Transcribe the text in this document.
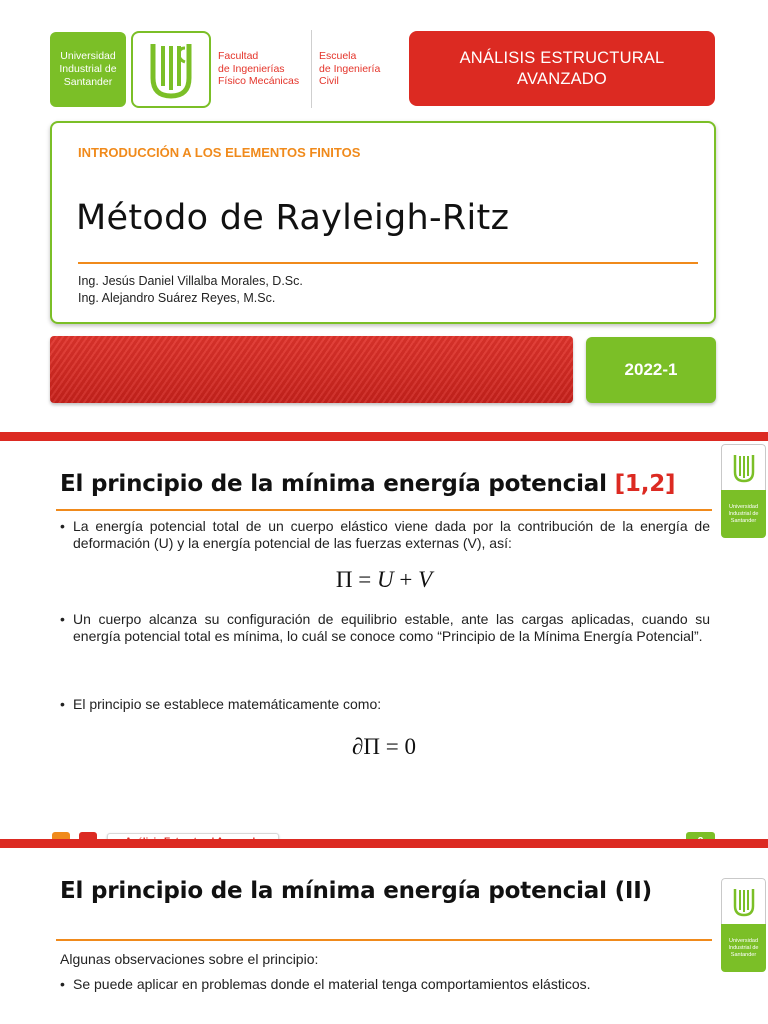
Universidad
Industrial de
Santander
Facultad
de Ingenierías
Físico Mecánicas
Escuela
de Ingeniería
Civil
ANÁLISIS ESTRUCTURAL
AVANZADO
INTRODUCCIÓN A LOS ELEMENTOS FINITOS
Método de Rayleigh-Ritz
Ing. Jesús Daniel Villalba Morales, D.Sc.
Ing. Alejandro Suárez Reyes, M.Sc.
2022-1
El principio de la mínima energía potencial [1,2]
Universidad Industrial de Santander
• La energía potencial total de un cuerpo elástico viene dada por la contribución de la energía de deformación (U) y la energía potencial de las fuerzas externas (V), así:
Π = U + V
• Un cuerpo alcanza su configuración de equilibrio estable, ante las cargas aplicadas, cuando su energía potencial total es mínima, lo cuál se conoce como “Principio de la Mínima Energía Potencial”.
• El principio se establece matemáticamente como:
∂Π = 0
El principio de la mínima energía potencial (II)
Universidad Industrial de Santander
Algunas observaciones sobre el principio:
• Se puede aplicar en problemas donde el material tenga comportamientos elásticos.
